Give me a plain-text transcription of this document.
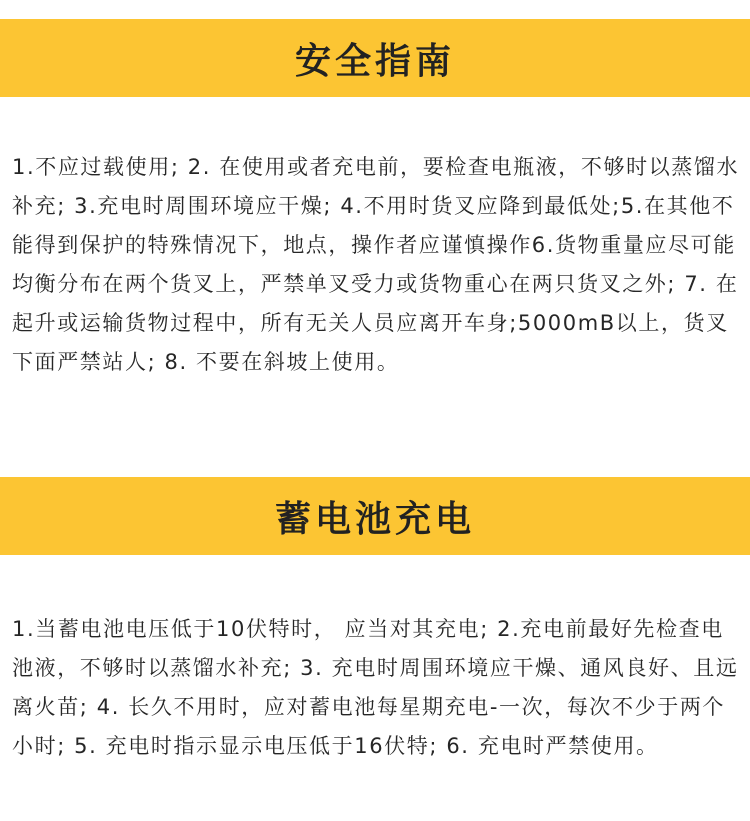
安全指南

1.不应过载使用; 2. 在使用或者充电前，要检查电瓶液，不够时以蒸馏水补充; 3.充电时周围环境应干燥; 4.不用时货叉应降到最低处;5.在其他不能得到保护的特殊情况下，地点，操作者应谨慎操作6.货物重量应尽可能均衡分布在两个货叉上，严禁单叉受力或货物重心在两只货叉之外; 7. 在起升或运输货物过程中，所有无关人员应离开车身;5000mB以上，货叉下面严禁站人; 8. 不要在斜坡上使用。

蓄电池充电

1.当蓄电池电压低于10伏特时， 应当对其充电; 2.充电前最好先检查电池液，不够时以蒸馏水补充; 3. 充电时周围环境应干燥、通风良好、且远离火苗; 4. 长久不用时，应对蓄电池每星期充电-一次，每次不少于两个小时; 5. 充电时指示显示电压低于16伏特; 6. 充电时严禁使用。
